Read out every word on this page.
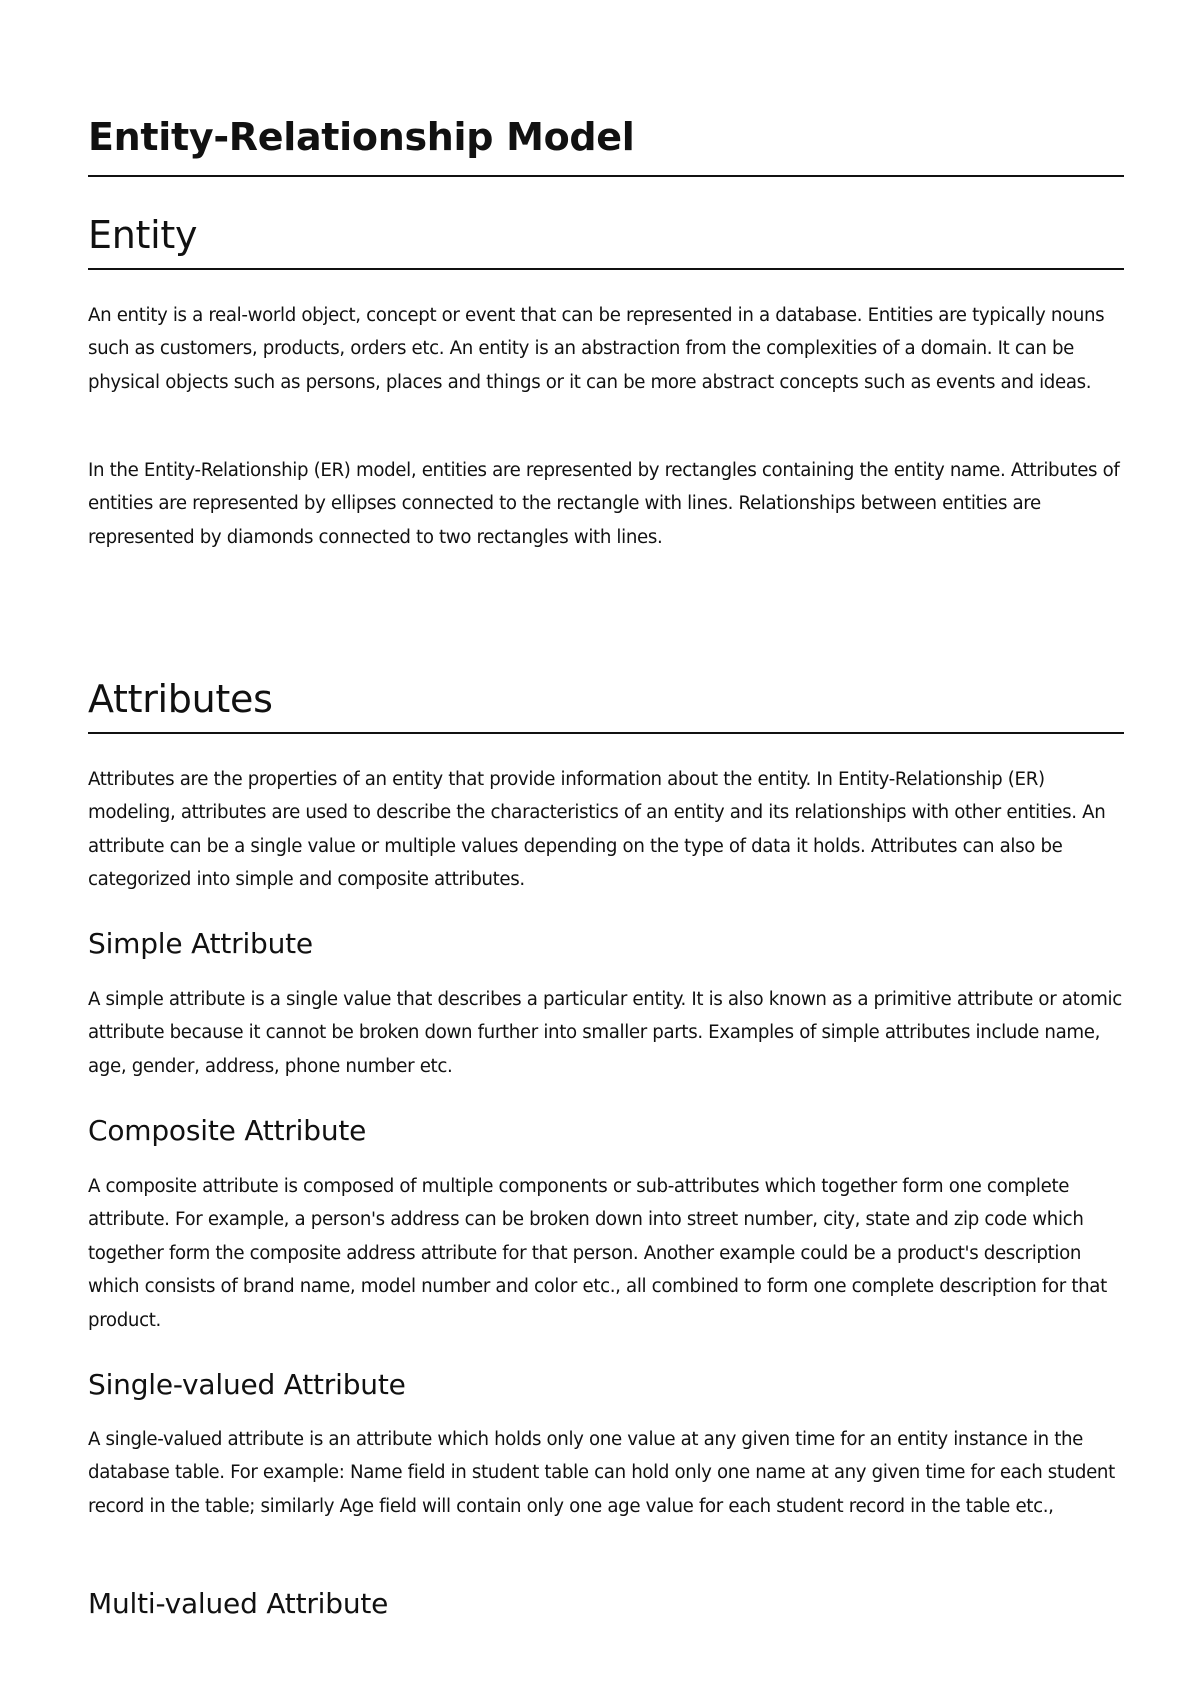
Entity-Relationship Model
Entity

An entity is a real-world object, concept or event that can be represented in a database. Entities are typically nouns such as customers, products, orders etc. An entity is an abstraction from the complexities of a domain. It can be physical objects such as persons, places and things or it can be more abstract concepts such as events and ideas.

In the Entity-Relationship (ER) model, entities are represented by rectangles containing the entity name. Attributes of entities are represented by ellipses connected to the rectangle with lines. Relationships between entities are represented by diamonds connected to two rectangles with lines.

Attributes

Attributes are the properties of an entity that provide information about the entity. In Entity-Relationship (ER) modeling, attributes are used to describe the characteristics of an entity and its relationships with other entities. An attribute can be a single value or multiple values depending on the type of data it holds. Attributes can also be categorized into simple and composite attributes.

Simple Attribute

A simple attribute is a single value that describes a particular entity. It is also known as a primitive attribute or atomic attribute because it cannot be broken down further into smaller parts. Examples of simple attributes include name, age, gender, address, phone number etc.

Composite Attribute

A composite attribute is composed of multiple components or sub-attributes which together form one complete attribute. For example, a person's address can be broken down into street number, city, state and zip code which together form the composite address attribute for that person. Another example could be a product's description which consists of brand name, model number and color etc., all combined to form one complete description for that product.

Single-valued Attribute

A single-valued attribute is an attribute which holds only one value at any given time for an entity instance in the database table. For example: Name field in student table can hold only one name at any given time for each student record in the table; similarly Age field will contain only one age value for each student record in the table etc.,

Multi-valued Attribute
